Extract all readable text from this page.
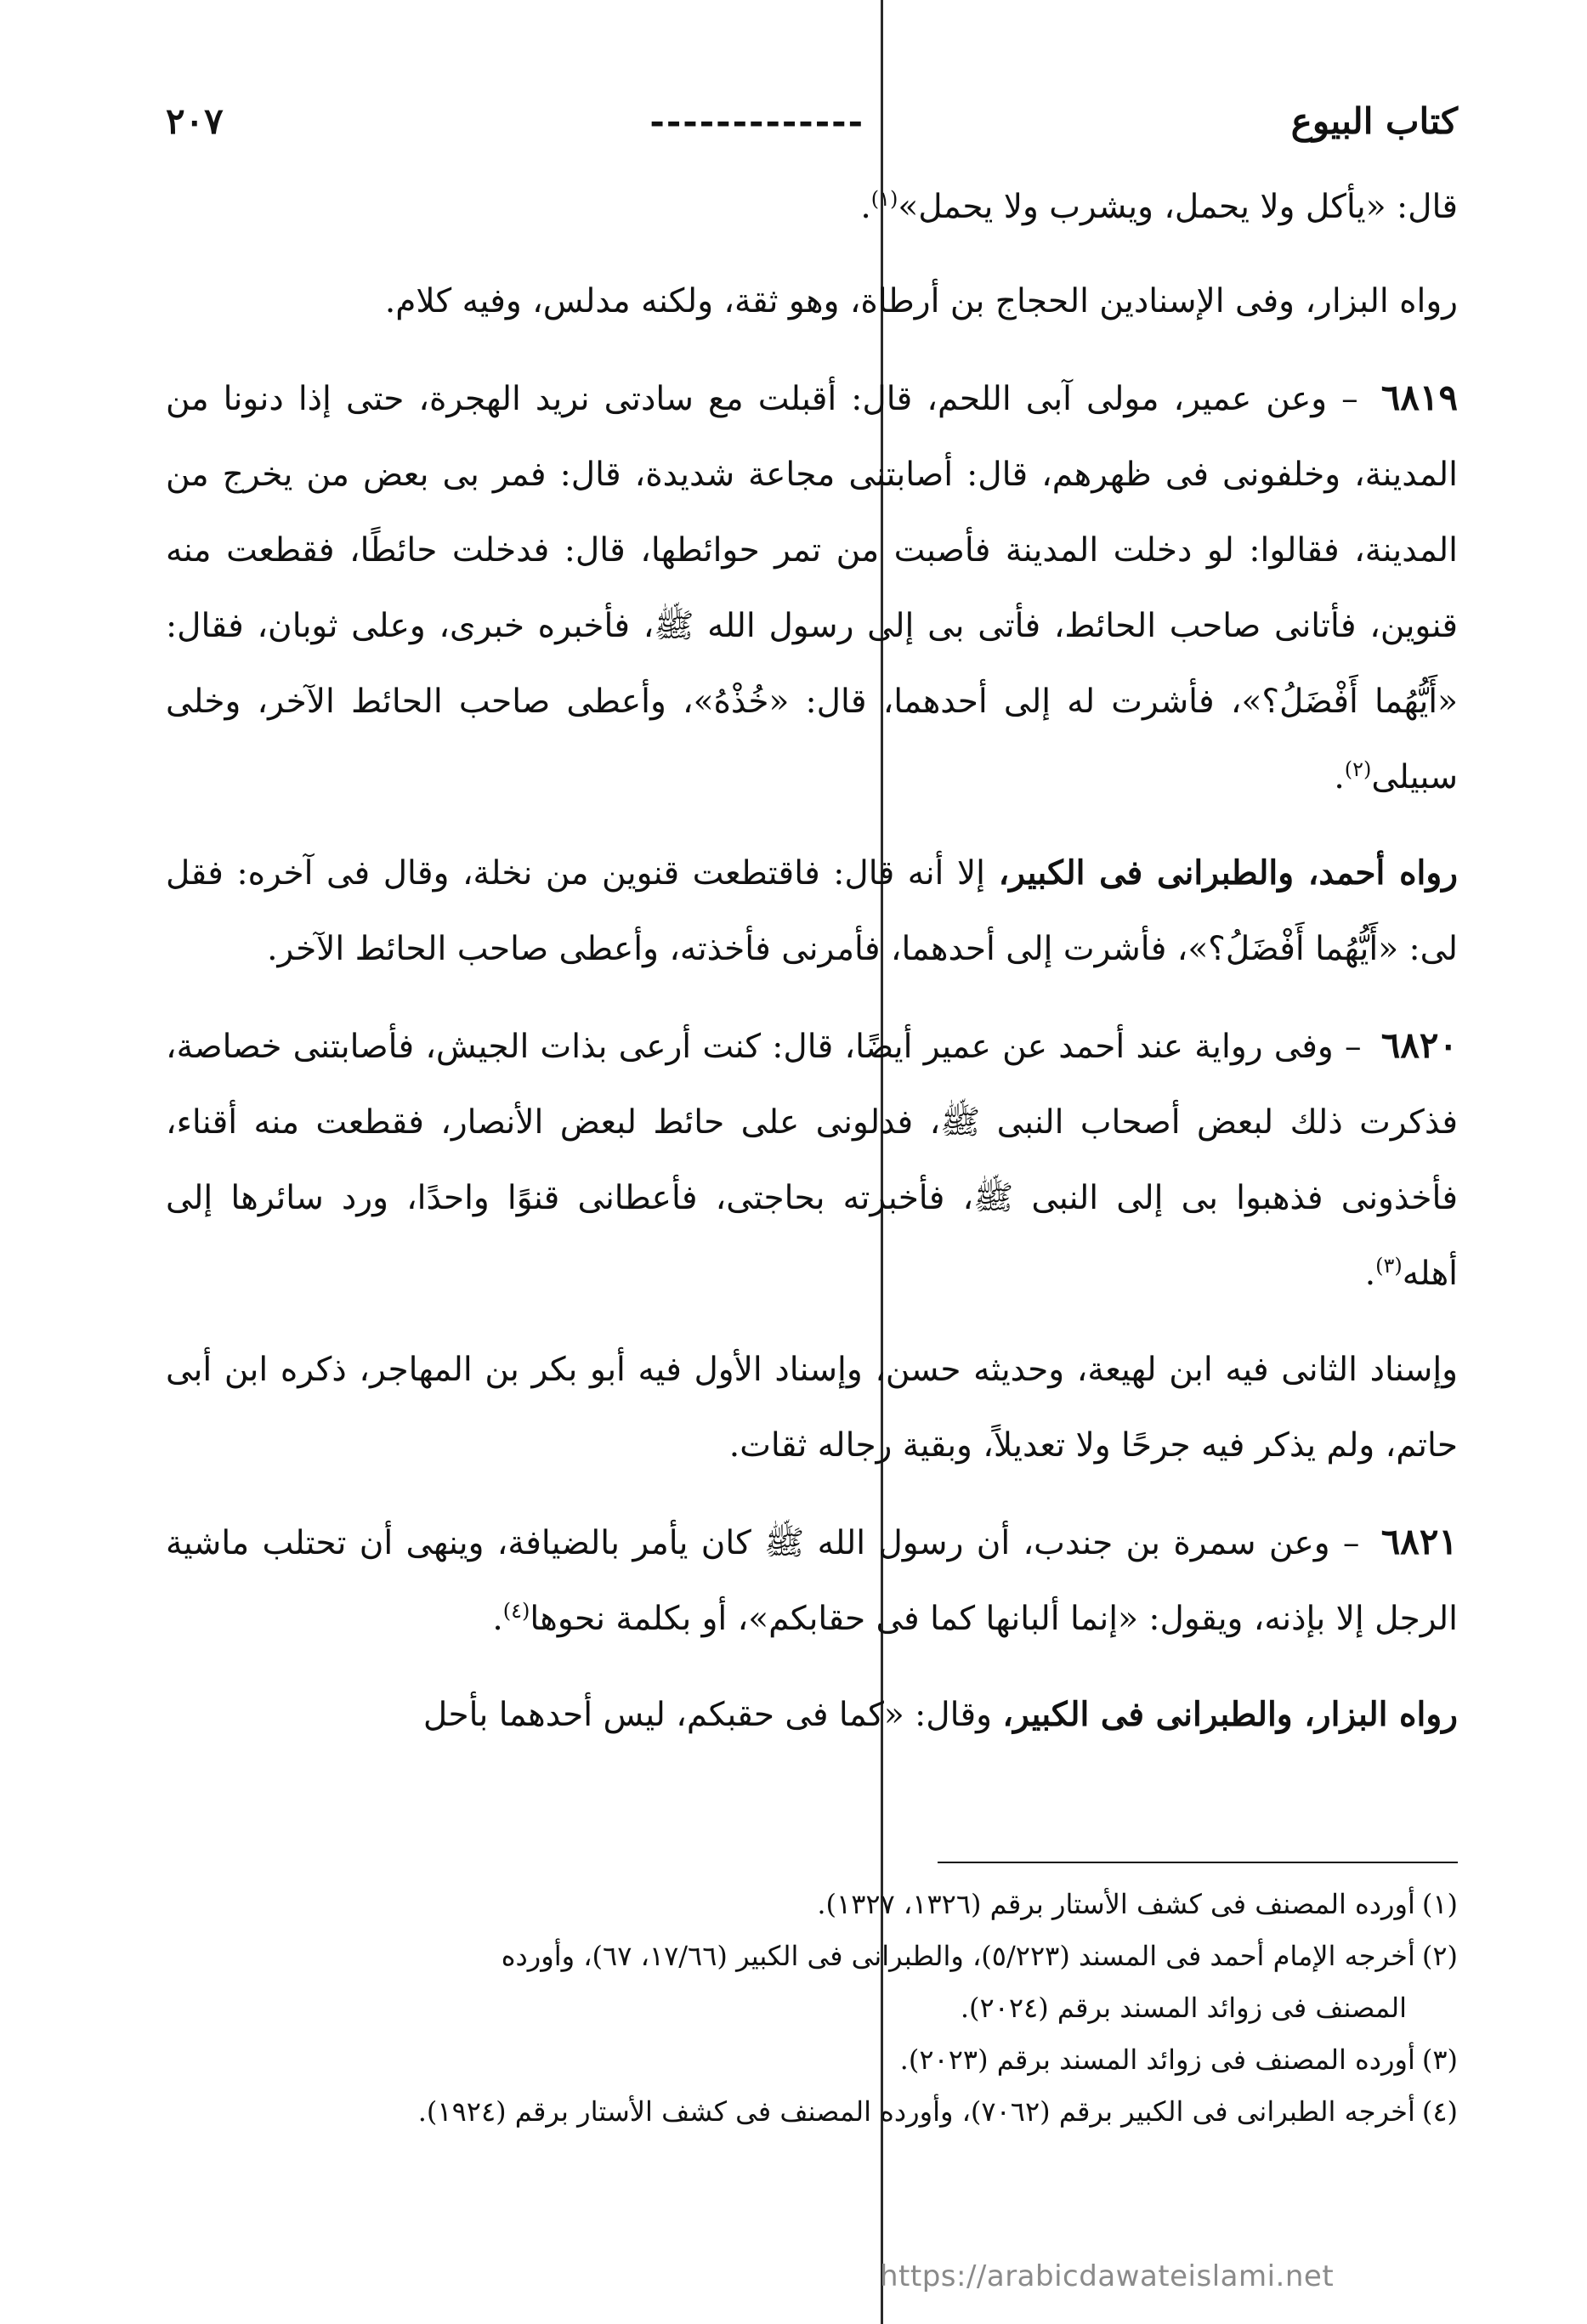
كتاب البيوع
-------------
٢٠٧

قال: «يأكل ولا يحمل، ويشرب ولا يحمل»$^{(١)}$.

رواه البزار، وفى الإسنادين الحجاج بن أرطاة، وهو ثقة، ولكنه مدلس، وفيه كلام.

٦٨١٩ – وعن عمير، مولى آبى اللحم، قال: أقبلت مع سادتى نريد الهجرة، حتى إذا دنونا من المدينة، وخلفونى فى ظهرهم، قال: أصابتنى مجاعة شديدة، قال: فمر بى بعض من يخرج من المدينة، فقالوا: لو دخلت المدينة فأصبت من تمر حوائطها، قال: فدخلت حائطًا، فقطعت منه قنوين، فأتانى صاحب الحائط، فأتى بى إلى رسول الله ﷺ، فأخبره خبرى، وعلى ثوبان، فقال: «أَيُّهُما أَفْضَلُ؟»، فأشرت له إلى أحدهما، قال: «خُذْهُ»، وأعطى صاحب الحائط الآخر، وخلى سبيلى$^{(٢)}$.

رواه أحمد، والطبرانى فى الكبير، إلا أنه قال: فاقتطعت قنوين من نخلة، وقال فى آخره: فقل لى: «أَيُّهُما أَفْضَلُ؟»، فأشرت إلى أحدهما، فأمرنى فأخذته، وأعطى صاحب الحائط الآخر.

٦٨٢٠ – وفى رواية عند أحمد عن عمير أيضًا، قال: كنت أرعى بذات الجيش، فأصابتنى خصاصة، فذكرت ذلك لبعض أصحاب النبى ﷺ، فدلونى على حائط لبعض الأنصار، فقطعت منه أقناء، فأخذونى فذهبوا بى إلى النبى ﷺ، فأخبرته بحاجتى، فأعطانى قنوًا واحدًا، ورد سائرها إلى أهله$^{(٣)}$.

وإسناد الثانى فيه ابن لهيعة، وحديثه حسن، وإسناد الأول فيه أبو بكر بن المهاجر، ذكره ابن أبى حاتم، ولم يذكر فيه جرحًا ولا تعديلاً، وبقية رجاله ثقات.

٦٨٢١ – وعن سمرة بن جندب، أن رسول الله ﷺ كان يأمر بالضيافة، وينهى أن تحتلب ماشية الرجل إلا بإذنه، ويقول: «إنما ألبانها كما فى حقابكم»، أو بكلمة نحوها$^{(٤)}$.

رواه البزار، والطبرانى فى الكبير، وقال: «كما فى حقبكم، ليس أحدهما بأحل

(١)أورده المصنف فى كشف الأستار برقم (١٣٢٦، ١٣٢٧).

(٢)أخرجه الإمام أحمد فى المسند (٥/٢٢٣)، والطبرانى فى الكبير (١٧/٦٦، ٦٧)، وأورده

المصنف فى زوائد المسند برقم (٢٠٢٤).

(٣)أورده المصنف فى زوائد المسند برقم (٢٠٢٣).

(٤)أخرجه الطبرانى فى الكبير برقم (٧٠٦٢)، وأورده المصنف فى كشف الأستار برقم (١٩٢٤).

https://arabicdawateislami.net
